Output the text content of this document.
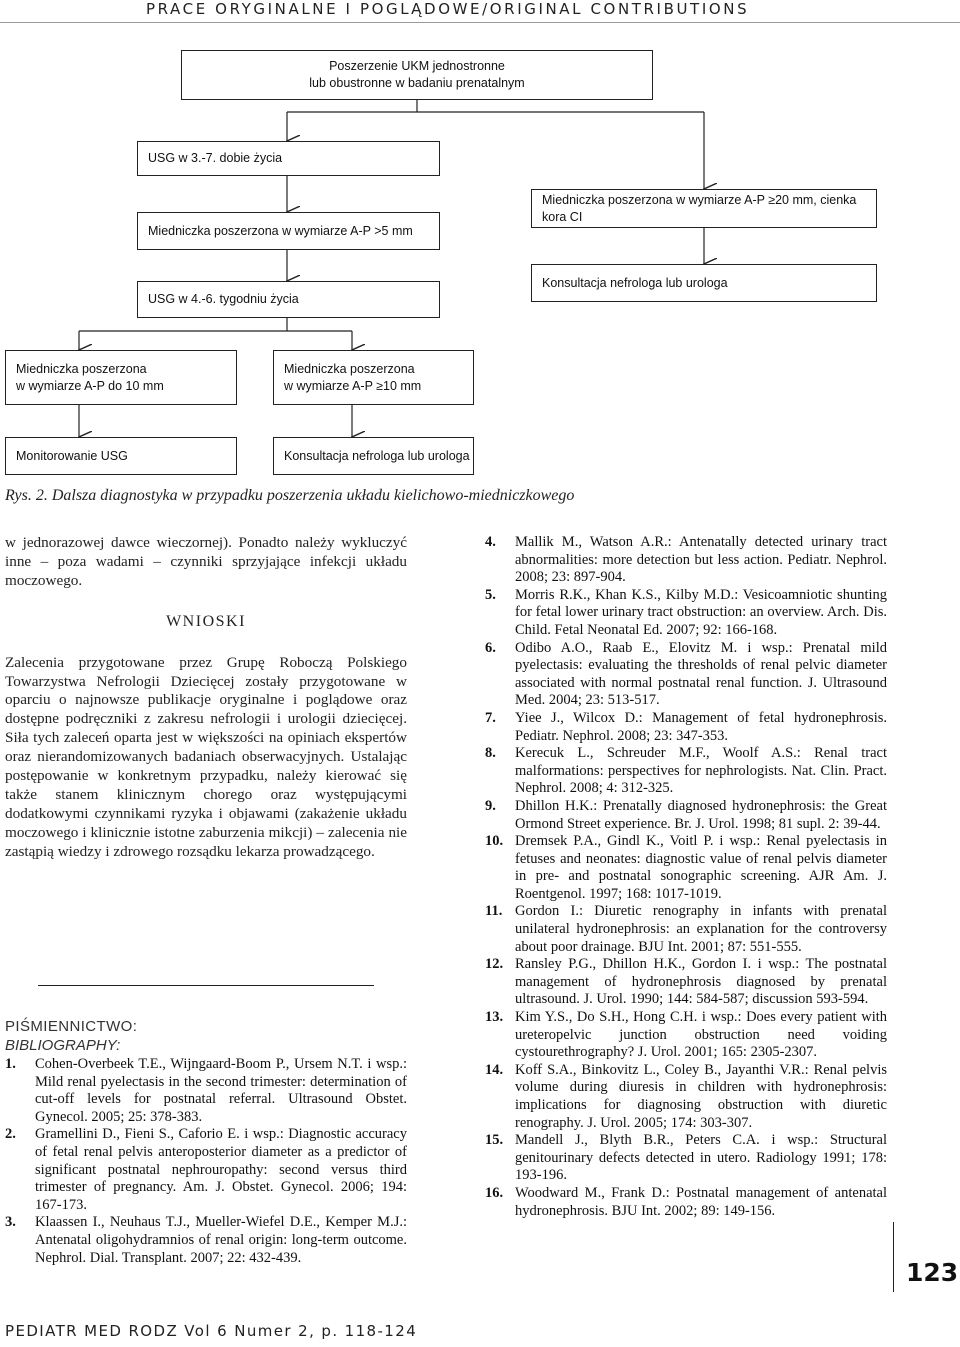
PRACE ORYGINALNE I POGLĄDOWE/ORIGINAL CONTRIBUTIONS
Poszerzenie UKM jednostronne
lub obustronne w badaniu prenatalnym
USG w 3.-7. dobie życia
Miedniczka poszerzona w wymiarze A-P >5 mm
Miedniczka poszerzona w wymiarze A-P ≥20 mm, cienka kora CI
USG w 4.-6. tygodniu życia
Konsultacja nefrologa lub urologa
Miedniczka poszerzona
w wymiarze A-P do 10 mm
Miedniczka poszerzona
w wymiarze A-P ≥10 mm
Monitorowanie USG	Konsultacja nefrologa lub urologa
Rys. 2. Dalsza diagnostyka w przypadku poszerzenia układu kielichowo-miedniczkowego

w jednorazowej dawce wieczornej). Ponadto należy wykluczyć inne – poza wadami – czynniki sprzyjające infekcji układu moczowego.

WNIOSKI

Zalecenia przygotowane przez Grupę Roboczą Polskiego Towarzystwa Nefrologii Dziecięcej zostały przygotowane w oparciu o najnowsze publikacje oryginalne i poglądowe oraz dostępne podręczniki z zakresu nefrologii i urologii dziecięcej. Siła tych zaleceń oparta jest w większości na opiniach ekspertów oraz nierandomizowanych badaniach obserwacyjnych. Ustalając postępowanie w konkretnym przypadku, należy kierować się także stanem klinicznym chorego oraz występującymi dodatkowymi czynnikami ryzyka i objawami (zakażenie układu moczowego i klinicznie istotne zaburzenia mikcji) – zalecenia nie zastąpią wiedzy i zdrowego rozsądku lekarza prowadzącego.

PIŚMIENNICTWO:
BIBLIOGRAPHY:
1.	Cohen-Overbeek T.E., Wijngaard-Boom P., Ursem N.T. i wsp.: Mild renal pyelectasis in the second trimester: determination of cut-off levels for postnatal referral. Ultrasound Obstet. Gynecol. 2005; 25: 378-383.
2.	Gramellini D., Fieni S., Caforio E. i wsp.: Diagnostic accuracy of fetal renal pelvis anteroposterior diameter as a predictor of significant postnatal nephrouropathy: second versus third trimester of pregnancy. Am. J. Obstet. Gynecol. 2006; 194: 167-173.
3.	Klaassen I., Neuhaus T.J., Mueller-Wiefel D.E., Kemper M.J.: Antenatal oligohydramnios of renal origin: long-term outcome. Nephrol. Dial. Transplant. 2007; 22: 432-439.
4.	Mallik M., Watson A.R.: Antenatally detected urinary tract abnormalities: more detection but less action. Pediatr. Nephrol. 2008; 23: 897-904.
5.	Morris R.K., Khan K.S., Kilby M.D.: Vesicoamniotic shunting for fetal lower urinary tract obstruction: an overview. Arch. Dis. Child. Fetal Neonatal Ed. 2007; 92: 166-168.
6.	Odibo A.O., Raab E., Elovitz M. i wsp.: Prenatal mild pyelectasis: evaluating the thresholds of renal pelvic diameter associated with normal postnatal renal function. J. Ultrasound Med. 2004; 23: 513-517.
7.	Yiee J., Wilcox D.: Management of fetal hydronephrosis. Pediatr. Nephrol. 2008; 23: 347-353.
8.	Kerecuk L., Schreuder M.F., Woolf A.S.: Renal tract malformations: perspectives for nephrologists. Nat. Clin. Pract. Nephrol. 2008; 4: 312-325.
9.	Dhillon H.K.: Prenatally diagnosed hydronephrosis: the Great Ormond Street experience. Br. J. Urol. 1998; 81 supl. 2: 39-44.
10. Dremsek P.A., Gindl K., Voitl P. i wsp.: Renal pyelectasis in fetuses and neonates: diagnostic value of renal pelvis diameter in pre- and postnatal sonographic screening. AJR Am. J. Roentgenol. 1997; 168: 1017-1019.
11. Gordon I.: Diuretic renography in infants with prenatal unilateral hydronephrosis: an explanation for the controversy about poor drainage. BJU Int. 2001; 87: 551-555.
12. Ransley P.G., Dhillon H.K., Gordon I. i wsp.: The postnatal management of hydronephrosis diagnosed by prenatal ultrasound. J. Urol. 1990; 144: 584-587; discussion 593-594.
13. Kim Y.S., Do S.H., Hong C.H. i wsp.: Does every patient with ureteropelvic junction obstruction need voiding cystourethrography? J. Urol. 2001; 165: 2305-2307.
14. Koff S.A., Binkovitz L., Coley B., Jayanthi V.R.: Renal pelvis volume during diuresis in children with hydronephrosis: implications for diagnosing obstruction with diuretic renography. J. Urol. 2005; 174: 303-307.
15. Mandell J., Blyth B.R., Peters C.A. i wsp.: Structural genitourinary defects detected in utero. Radiology 1991; 178: 193-196.
16. Woodward M., Frank D.: Postnatal management of antenatal hydronephrosis. BJU Int. 2002; 89: 149-156.
123
PEDIATR MED RODZ Vol 6 Numer 2, p. 118-124
